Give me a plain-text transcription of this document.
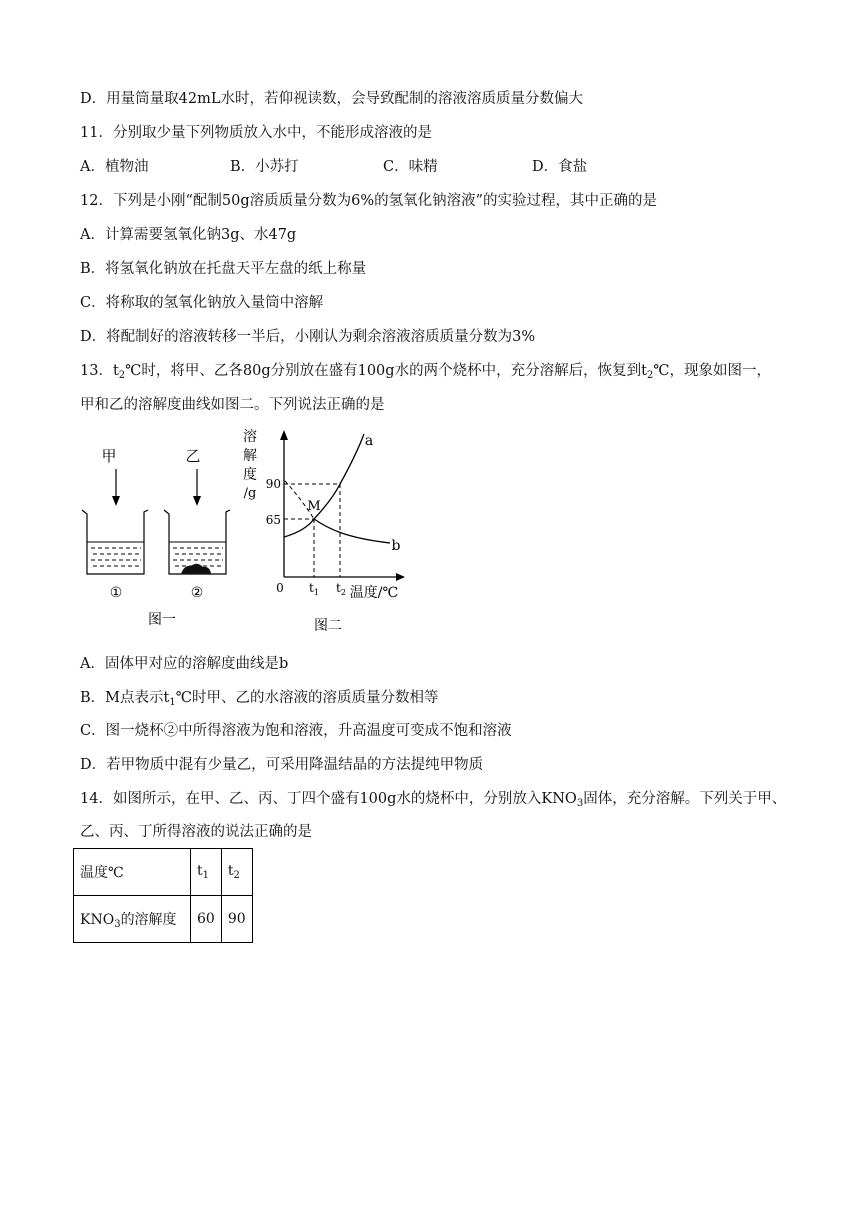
D．用量筒量取42mL水时，若仰视读数，会导致配制的溶液溶质质量分数偏大
11．分别取少量下列物质放入水中，不能形成溶液的是
A．植物油	B．小苏打	C．味精	D．食盐
12．下列是小刚“配制50g溶质质量分数为6%的氢氧化钠溶液”的实验过程，其中正确的是
A．计算需要氢氧化钠3g、水47g
B．将氢氧化钠放在托盘天平左盘的纸上称量
C．将称取的氢氧化钠放入量筒中溶解
D．将配制好的溶液转移一半后，小刚认为剩余溶液溶质质量分数为3%
13．$t_2℃$时，将甲、乙各80g分别放在盛有100g水的两个烧杯中，充分溶解后，恢复到$t_2℃$，现象如图一，
甲和乙的溶解度曲线如图二。下列说法正确的是
甲	乙
①	②
图一
溶
解
度
/g
90
65
0 $t_1$ $t_2$ 温度/℃
M
a
b
图二
A．固体甲对应的溶解度曲线是b
B．M点表示$t_1℃$时甲、乙的水溶液的溶质质量分数相等
C．图一烧杯②中所得溶液为饱和溶液，升高温度可变成不饱和溶液
D．若甲物质中混有少量乙，可采用降温结晶的方法提纯甲物质
14．如图所示，在甲、乙、丙、丁四个盛有100g水的烧杯中，分别放入$KNO_3$固体，充分溶解。下列关于甲、
乙、丙、丁所得溶液的说法正确的是
温度℃	$t_1$	$t_2$
$KNO_3$的溶解度	60	90
